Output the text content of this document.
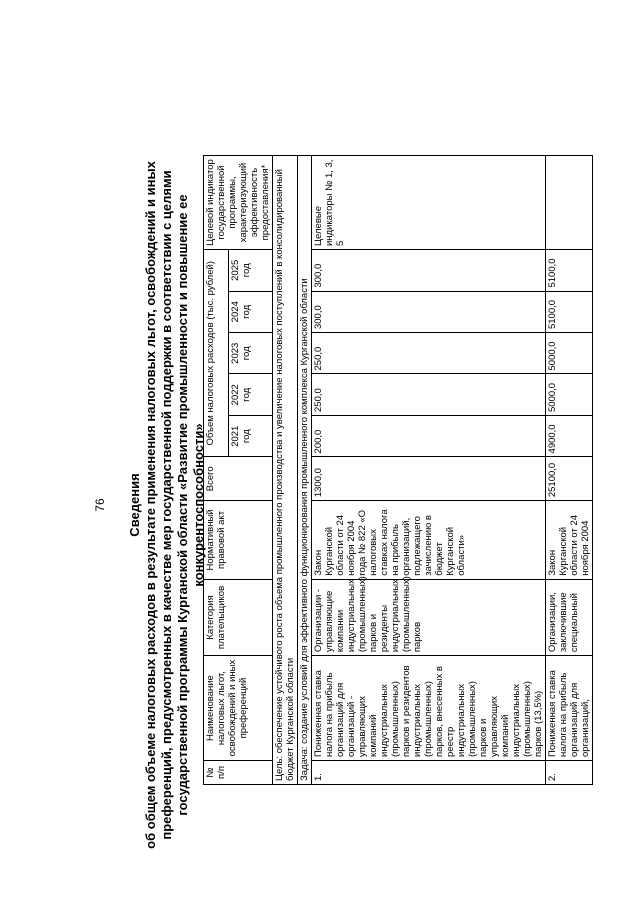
76 Сведения об общем объеме налоговых расходов в результате применения налоговых льгот, освобождений и иных преференций, предусмотренных в качестве мер государственной поддержки в соответствии с целями государственной программы Курганской области «Развитие промышленности и повышение ее конкурентоспособности»
№ п/п	Наименование налоговых льгот, освобождений и иных преференций	Категория плательщиков	Нормативный правовой акт	Всего	Объем налоговых расходов (тыс. рублей)					Целевой индикатор государственной программы, характеризующий эффективность предоставления*
					2021 год	2022 год	2023 год	2024 год	2025 год	
Цель: обеспечение устойчивого роста объема промышленного производства и увеличение налоговых поступлений в консолидированный бюджет Курганской области										
Задача: создание условий для эффективного функционирования промышленного комплекса Курганской области										
1.	Пониженная ставка налога на прибыль организаций для организаций - управляющих компаний индустриальных (промышленных) парков и резидентов индустриальных (промышленных) парков, внесенных в реестр индустриальных (промышленных) парков и управляющих компаний индустриальных (промышленных) парков (13,5%)	Организации - управляющие компании индустриальных (промышленных) парков и резиденты индустриальных (промышленных) парков	Закон Курганской области от 24 ноября 2004 года № 822 «О налоговых ставках налога на прибыль организаций, подлежащего зачислению в бюджет Курганской области»	1300,0	200,0	250,0	250,0	300,0	300,0	Целевые индикаторы № 1, 3, 5
2.	Пониженная ставка налога на прибыль организаций для организаций,	Организации, заключившие специальный	Закон Курганской области от 24 ноября 2004	25100,0	4900,0	5000,0	5000,0	5100,0	5100,0	
